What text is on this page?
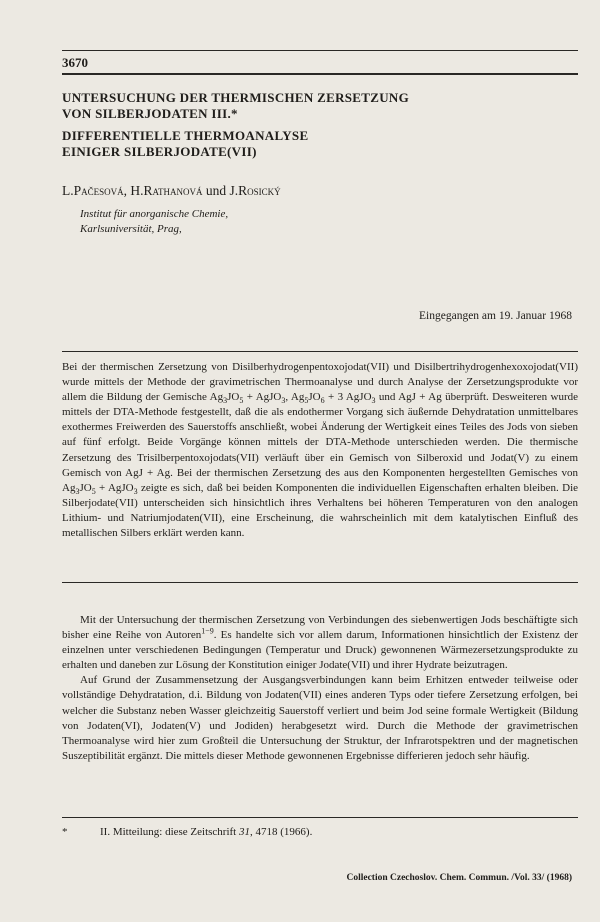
3670
UNTERSUCHUNG DER THERMISCHEN ZERSETZUNG
VON SILBERJODATEN III.*
DIFFERENTIELLE THERMOANALYSE
EINIGER SILBERJODATE(VII)
L.Pačesová, H.Rathanová und J.Rosický
Institut für anorganische Chemie,
Karlsuniversität, Prag,
Eingegangen am 19. Januar 1968

Bei der thermischen Zersetzung von Disilberhydrogenpentoxojodat(VII) und Disilbertrihydrogenhexoxojodat(VII) wurde mittels der Methode der gravimetrischen Thermoanalyse und durch Analyse der Zersetzungsprodukte vor allem die Bildung der Gemische $Ag_3JO_5$ + AgJO$_3$, $Ag_5JO_6 + 3$ AgJO$_3$ und AgJ + Ag überprüft. Desweiteren wurde mittels der DTA-Methode festgestellt, daß die als endothermer Vorgang sich äußernde Dehydratation unmittelbares exothermes Freiwerden des Sauerstoffs anschließt, wobei Änderung der Wertigkeit eines Teiles des Jods von sieben auf fünf erfolgt. Beide Vorgänge können mittels der DTA-Methode unterschieden werden. Die thermische Zersetzung des Trisilberpentoxojodats(VII) verläuft über ein Gemisch von Silberoxid und Jodat(V) zu einem Gemisch von AgJ + Ag. Bei der thermischen Zersetzung des aus den Komponenten hergestellten Gemisches von $Ag_3JO_5$ + AgJO$_3$ zeigte es sich, daß bei beiden Komponenten die individuellen Eigenschaften erhalten bleiben. Die Silberjodate(VII) unterscheiden sich hinsichtlich ihres Verhaltens bei höheren Temperaturen von den analogen Lithium- und Natriumjodaten(VII), eine Erscheinung, die wahrscheinlich mit dem katalytischen Einfluß des metallischen Silbers erklärt werden kann.

Mit der Untersuchung der thermischen Zersetzung von Verbindungen des siebenwertigen Jods beschäftigte sich bisher eine Reihe von Autoren$^{1-9}$. Es handelte sich vor allem darum, Informationen hinsichtlich der Existenz der einzelnen unter verschiedenen Bedingungen (Temperatur und Druck) gewonnenen Wärmezersetzungsprodukte zu erhalten und daneben zur Lösung der Konstitution einiger Jodate(VII) und ihrer Hydrate beizutragen.

Auf Grund der Zusammensetzung der Ausgangsverbindungen kann beim Erhitzen entweder teilweise oder vollständige Dehydratation, d.i. Bildung von Jodaten(VII) eines anderen Typs oder tiefere Zersetzung erfolgen, bei welcher die Substanz neben Wasser gleichzeitig Sauerstoff verliert und beim Jod seine formale Wertigkeit (Bildung von Jodaten(VI), Jodaten(V) und Jodiden) herabgesetzt wird. Durch die Methode der gravimetrischen Thermoanalyse wird hier zum Großteil die Untersuchung der Struktur, der Infrarotspektren und der magnetischen Suszeptibilität ergänzt. Die mittels dieser Methode gewonnenen Ergebnisse differieren jedoch sehr häufig.

*	II. Mitteilung: diese Zeitschrift 31, 4718 (1966).
Collection Czechoslov. Chem. Commun. /Vol. 33/ (1968)
